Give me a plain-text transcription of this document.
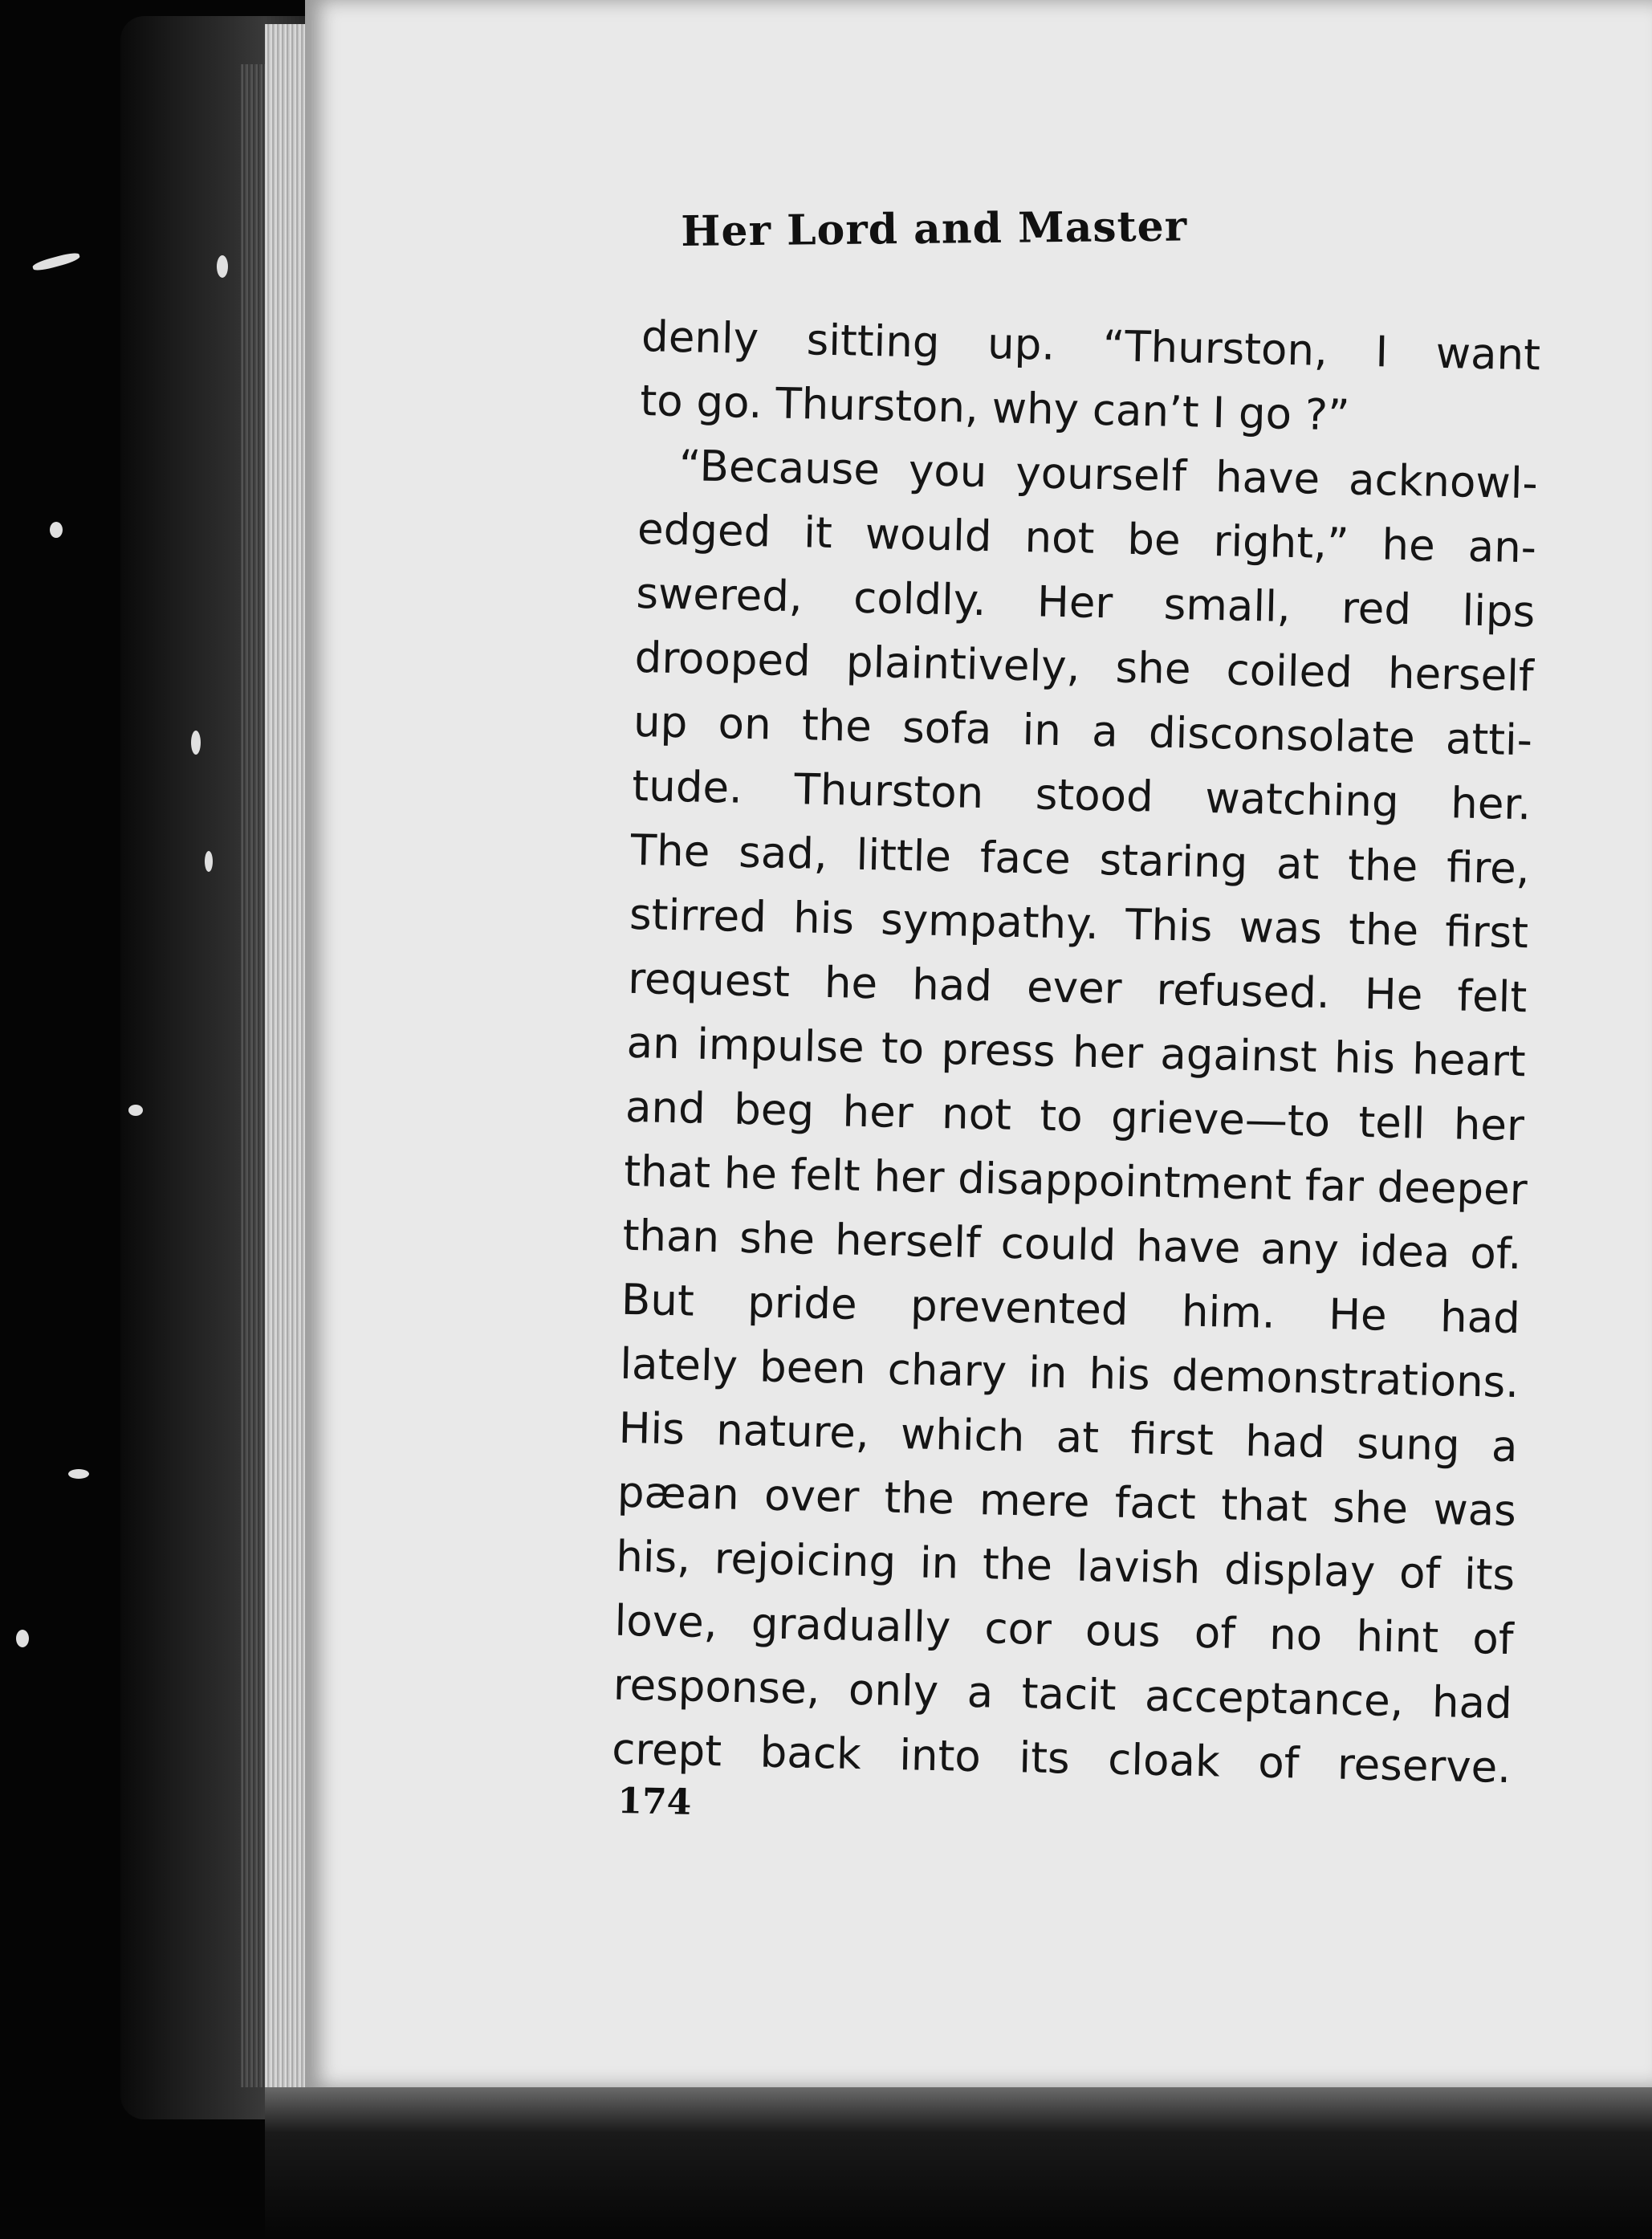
Her Lord and Master
denly sitting up. “Thurston, I want
to go. Thurston, why can’t I go ?”
“Because you yourself have acknowl-
edged it would not be right,” he an-
swered, coldly. Her small, red lips
drooped plaintively, she coiled herself
up on the sofa in a disconsolate atti-
tude. Thurston stood watching her.
The sad, little face staring at the fire,
stirred his sympathy. This was the first
request he had ever refused. He felt
an impulse to press her against his heart
and beg her not to grieve—to tell her
that he felt her disappointment far deeper
than she herself could have any idea of.
But pride prevented him. He had
lately been chary in his demonstrations.
His nature, which at first had sung a
pæan over the mere fact that she was
his, rejoicing in the lavish display of its
love, gradually cor ous of no hint of
response, only a tacit acceptance, had
crept back into its cloak of reserve.
174
